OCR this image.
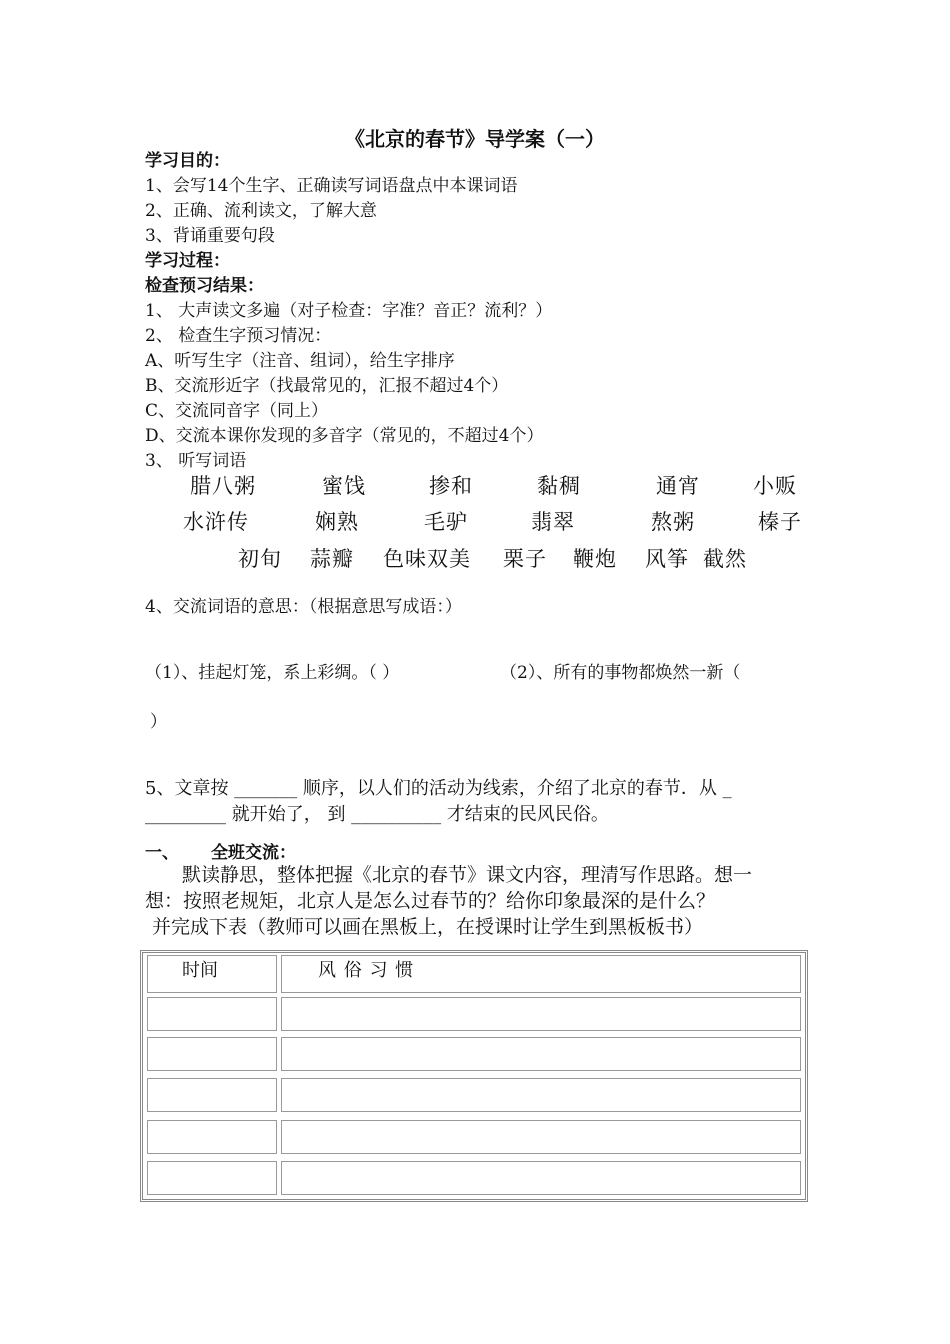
《北京的春节》导学案（一）
学习目的：
1、会写14个生字、正确读写词语盘点中本课词语
2、正确、流利读文，了解大意
3、背诵重要句段
学习过程：
检查预习结果：
1、 大声读文多遍（对子检查：字准？音正？流利？）
2、 检查生字预习情况：
A、听写生字（注音、组词），给生字排序
B、交流形近字（找最常见的，汇报不超过4个）
C、交流同音字（同上）
D、交流本课你发现的多音字（常见的，不超过4个）
3、 听写词语
腊八粥	蜜饯	掺和	黏稠	通宵	小贩
水浒传	娴熟	毛驴	翡翠	熬粥	榛子
初旬 蒜瓣 色味双美 栗子 鞭炮 风筝 截然
4、交流词语的意思：（根据意思写成语：）
（1）、挂起灯笼，系上彩绸。（ ）	（2）、所有的事物都焕然一新（
）
5、文章按 _______ 顺序，以人们的活动为线索，介绍了北京的春节．从 _
_________ 就开始了， 到 __________ 才结束的民风民俗。
一、 全班交流：
默读静思，整体把握《北京的春节》课文内容，理清写作思路。想一
想：按照老规矩，北京人是怎么过春节的？给你印象最深的是什么？
并完成下表（教师可以画在黑板上，在授课时让学生到黑板板书）
时间	风 俗 习 惯
